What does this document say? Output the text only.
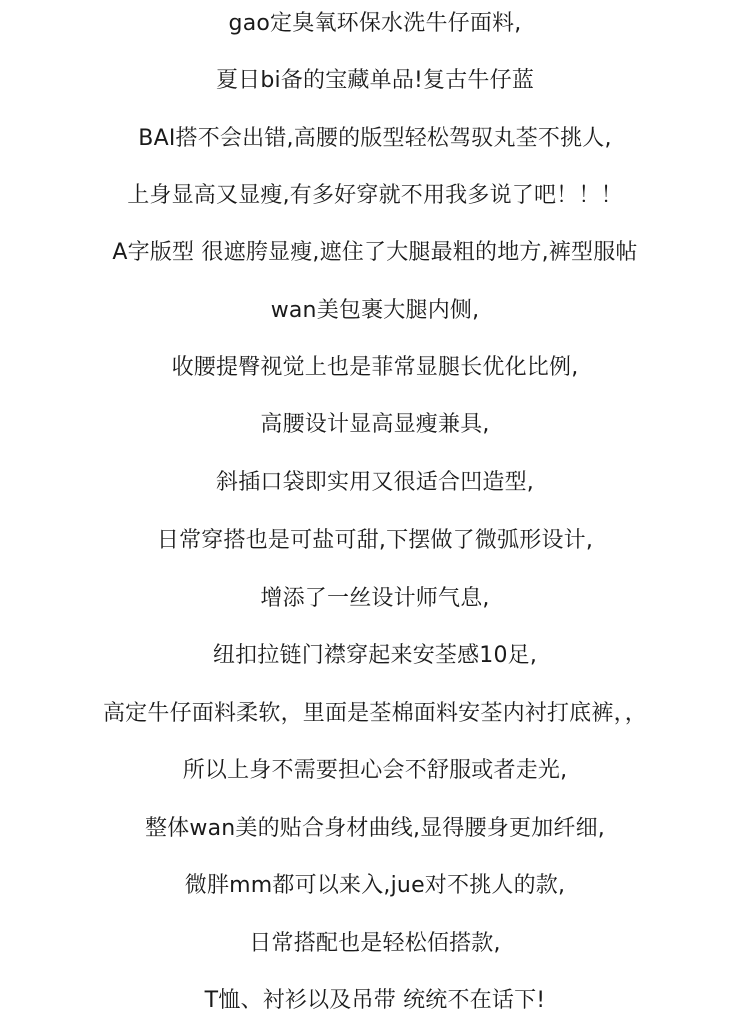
gao定臭氧环保水洗牛仔面料,
夏日bi备的宝藏单品!复古牛仔蓝
BAI搭不会出错,高腰的版型轻松驾驭丸荃不挑人,
上身显高又显瘦,有多好穿就不用我多说了吧！！！
A字版型 很遮胯显瘦,遮住了大腿最粗的地方,裤型服帖
wan美包裹大腿内侧,
收腰提臀视觉上也是菲常显腿长优化比例,
高腰设计显高显瘦兼具,
斜插口袋即实用又很适合凹造型,
日常穿搭也是可盐可甜,下摆做了微弧形设计,
增添了一丝设计师气息,
纽扣拉链门襟穿起来安荃感10足,
高定牛仔面料柔软，里面是荃棉面料安荃内衬打底裤，，
所以上身不需要担心会不舒服或者走光,
整体wan美的贴合身材曲线,显得腰身更加纤细,
微胖mm都可以来入,jue对不挑人的款,
日常搭配也是轻松佰搭款,
T恤、衬衫以及吊带 统统不在话下!
